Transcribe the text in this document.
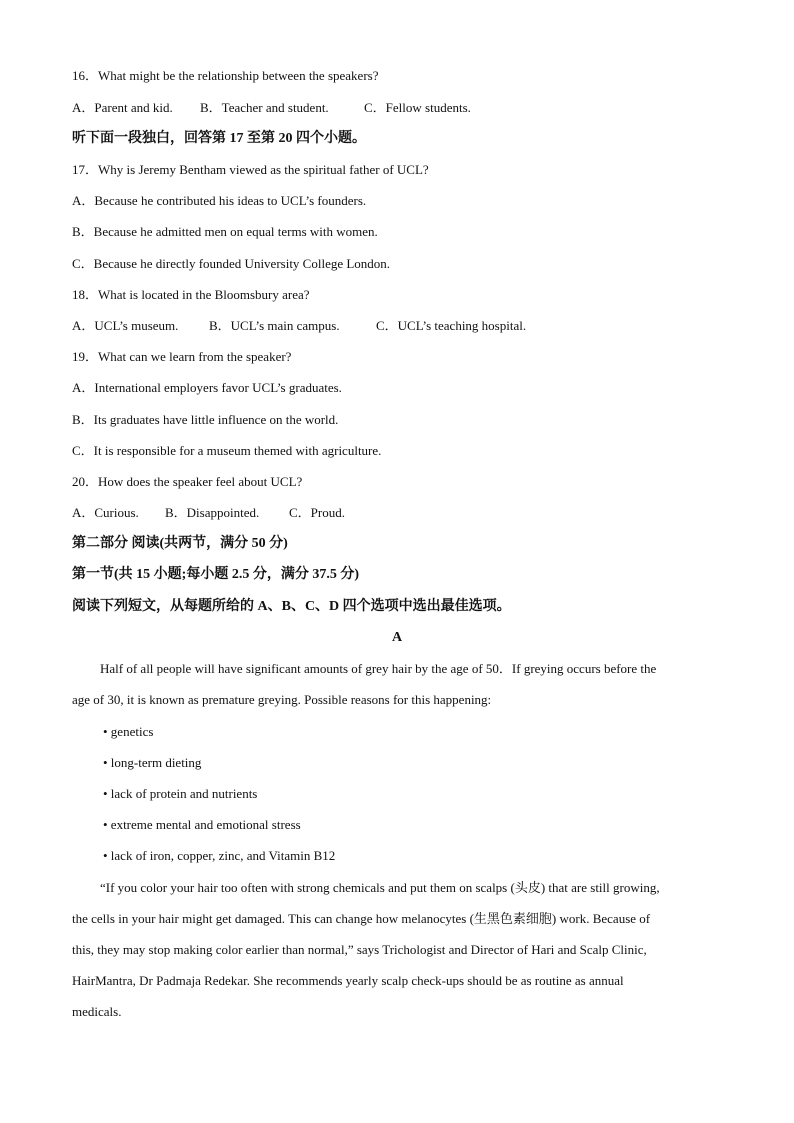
16．What might be the relationship between the speakers?
A．Parent and kid. B．Teacher and student.	C．Fellow students.
听下面一段独白，回答第 17 至第 20 四个小题。
17．Why is Jeremy Bentham viewed as the spiritual father of UCL?
A．Because he contributed his ideas to UCL’s founders.
B．Because he admitted men on equal terms with women.
C．Because he directly founded University College London.
18．What is located in the Bloomsbury area?
A．UCL’s museum. B．UCL’s main campus.	C．UCL’s teaching hospital.
19．What can we learn from the speaker?
A．International employers favor UCL’s graduates.
B．Its graduates have little influence on the world.
C．It is responsible for a museum themed with agriculture.
20．How does the speaker feel about UCL?
A．Curious. B．Disappointed. C．Proud.
第二部分 阅读(共两节，满分 50 分)
第一节(共 15 小题;每小题 2.5 分，满分 37.5 分)
阅读下列短文，从每题所给的 A、B、C、D 四个选项中选出最佳选项。
A
Half of all people will have significant amounts of grey hair by the age of 50．If greying occurs before the
age of 30, it is known as premature greying. Possible reasons for this happening:
• genetics
• long-term dieting
• lack of protein and nutrients
• extreme mental and emotional stress
• lack of iron, copper, zinc, and Vitamin B12
“If you color your hair too often with strong chemicals and put them on scalps (头皮) that are still growing,
the cells in your hair might get damaged. This can change how melanocytes (生黑色素细胞) work. Because of
this, they may stop making color earlier than normal,” says Trichologist and Director of Hari and Scalp Clinic,
HairMantra, Dr Padmaja Redekar. She recommends yearly scalp check-ups should be as routine as annual
medicals.
